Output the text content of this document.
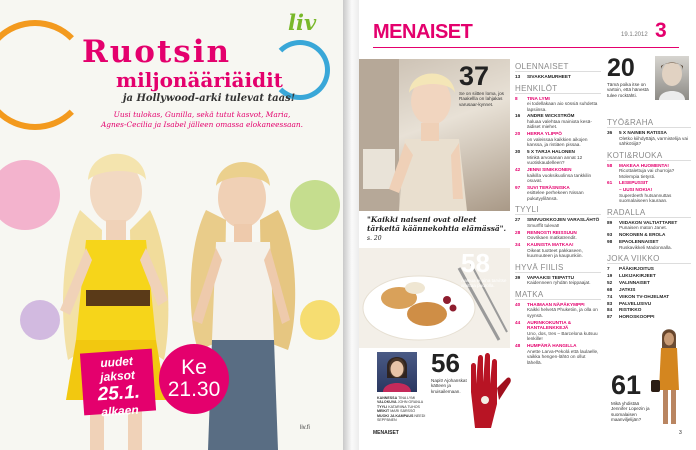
liv
Ruotsin
miljonääriäidit
ja Hollywood-arki tulevat taas!
Uusi tulokas, Gunilla, sekä tutut kasvot, Maria,
Agnes-Cecilia ja Isabel jälleen omassa elokaneessaan.
uudet
jaksot
25.1.
alkaen
Ke
21.30
liv.fi
MENAISET	19.1.2012 3
37
Se on siitten loma, jos Raakellla on lahjakas varusaar-kynnet.
"Kaikki naiseni ovat olleet tärkeitä käännekohtia elämässä". s. 20
58
Aamua ei aina tarvitse aloittaa puurolla.
KANNESSA TINA LYMI
VALOKUVA JOHN GRANLA
TYYLI KATARIINA TUHOS
MEIKIT MARI SÄRSSÖ
MUOKI JA KAMPAUS NEEDI SEPPÄNEN
56
Napit! Ajohanskat kätteen ja kruisailemaan.
OLENNAISET
13	SIVAKKAMURHEET
HENKILÖT
8	TINA LYMI
ei todellakaan aio sössiä suhdetta lapsiinsa.
16	ANDRE WICKSTRÖM
haluaa valehtaa mainiota kesä-äidiset miehet.
20	HERRA YLIPPÖ
on valeissaa kaikkien aikojen kanssa, ja ristiäen pissaa.
30	5 X TARJA HALONEN
Minkä arvosanan annat 12 vuotiskaudelleen?
42	JENNI SINIKKONEN
kaikilla vuoksikuolinsa tankkilin osuvat.
97	SUVI TERÄSNISKA
esittelee perhekeen Nissan pukutyylilänsä.
TYYLI
27	SINIVUOKKOJEN VARASLÄHTÖ
Smurffit tulevat!
28	RENNOSTI REISSUUN
Oovrikaen matkatrendit.
34	KAUNISTA MATKAA!
Oikeat tuotteet pakkaseen, kuumuuteen ja kaupunkiin.
HYVÄ FIILIS
39	VAPAAKSI TEIPATTU
Kaidenneen ryhdän teippaajat.
MATKA
40	THAIMAAN NÄPÄKYMPPI
Kaikki helvetä Phuketiin, ja olla on syynsä.
44	AURINKOKUNTIA & RANTALENKKEJÄ
Uno, dos, tres – Barcelona kutsuu lenkille!
48	HUMPÄRÄ HANGILLA
Anette Larva-Pekolá että laulaelle, vaikka hengen-lähtö on ollut lähellä.
20
Tämä poika itse on vartoin, että hänestä tulee rocktähti.
TYÖ&RAHA
36	5 X NAINEN RATISSA
Oletko kiihdyttäjä, varmistelija vai sähkötiijä?
KOTI&RUOKA
58	MAKEAA HUOMENTA!
Ricottalettuja vai churroja? Molempia tietysti.
61	LESEPUSSIT
– UUSI NOKIA!
Superdeeth hutsannuttas suomalaiseen kauraan.
RADALLA
89	VIIDAKON VALTIATTARET
Punaisen maton Janet.
93	NOKONEN & EROLA
98	EPAOLENNAISET
Ruskavikkeli Madonnalla.
JOKA VIIKKO
7	PÄÄKIRJOITUS
19	LUKIJAKIRJEET
52	VALINNAISET
68	JATKIS
74	VIIKON TV-OHJELMAT
83	PALVELUSIVU
84	RISTIKKO
87	HOROSKOOPPI
61
Mikä yhdistää Jennifer Lopezin ja suomalaisen maanviljelijän?
MENAISET	3
